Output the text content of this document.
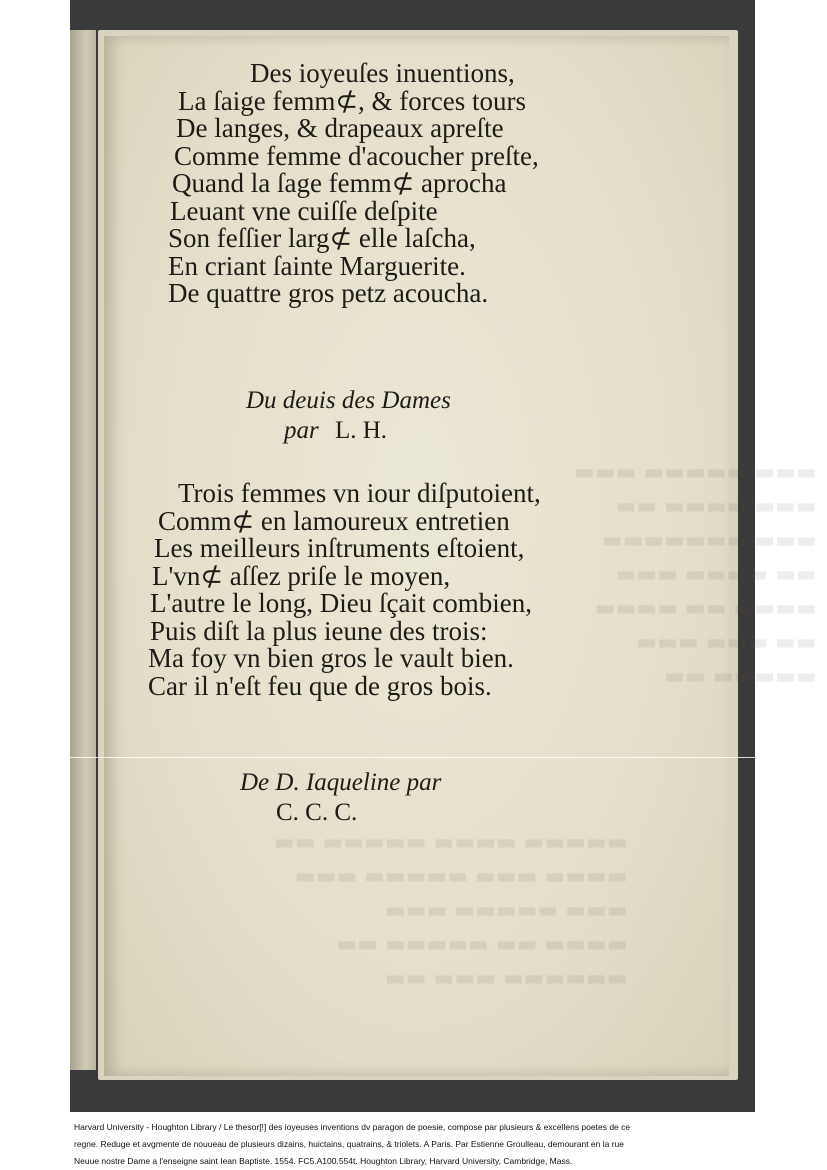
▬▬▬ ▬▬▬▬▬ ▬▬▬
▬▬▬ ▬▬▬▬ ▬▬
▬▬▬ ▬▬▬▬▬▬▬
▬▬ ▬▬▬▬ ▬▬▬
▬▬▬▬ ▬▬ ▬▬▬▬
▬▬ ▬▬▬ ▬▬▬
▬▬▬▬▬ ▬▬
▬▬▬▬▬ ▬▬▬▬ ▬▬▬▬▬ ▬▬
▬▬▬▬ ▬▬▬ ▬▬▬▬▬ ▬▬▬
▬▬▬ ▬▬▬▬▬ ▬▬▬
▬▬▬▬ ▬▬ ▬▬▬▬▬ ▬▬
▬▬▬▬▬▬ ▬▬▬ ▬▬
Des ioyeuſes inuentions,
La ſaige femm⊄, & forces tours
De langes, & drapeaux apreſte
Comme femme d'acoucher preſte,
Quand la ſage femm⊄ aprocha
Leuant vne cuiſſe deſpite
Son feſſier larg⊄ elle laſcha,
En criant ſainte Marguerite.
De quattre gros petz acoucha.
Du deuis des Dames
par L. H.
Trois femmes vn iour diſputoient,
Comm⊄ en lamoureux entretien
Les meilleurs inſtruments eſtoient,
L'vn⊄ aſſez priſe le moyen,
L'autre le long, Dieu ſçait combien,
Puis diſt la plus ieune des trois:
Ma foy vn bien gros le vault bien.
Car il n'eſt feu que de gros bois.
De D. Iaqueline par
C. C. C.
Harvard University - Houghton Library / Le thesor[!] des ioyeuses inventions dv paragon de poesie, compose par plusieurs & excellens poetes de ce
regne. Reduge et avgmente de nouueau de plusieurs dizains, huictains, quatrains, & triolets. A Paris. Par Estienne Groulleau, demourant en la rue
Neuue nostre Dame a l'enseigne saint Iean Baptiste. 1554. FC5.A100.554t. Houghton Library, Harvard University, Cambridge, Mass.
